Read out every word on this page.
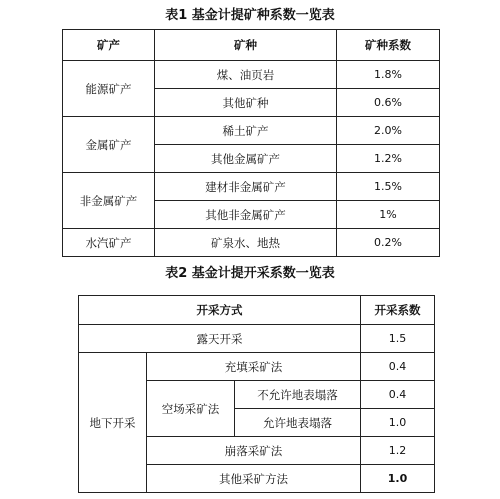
表1 基金计提矿种系数一览表
矿产	矿种	矿种系数
能源矿产	煤、油页岩	1.8%
	其他矿种	0.6%
金属矿产	稀土矿产	2.0%
	其他金属矿产	1.2%
非金属矿产	建材非金属矿产	1.5%
	其他非金属矿产	1%
水汽矿产	矿泉水、地热	0.2%
表2 基金计提开采系数一览表
开采方式			开采系数
露天开采			1.5
地下开采	充填采矿法		0.4
	空场采矿法	不允许地表塌落	0.4
		允许地表塌落	1.0
	崩落采矿法		1.2
	其他采矿方法		1.0
